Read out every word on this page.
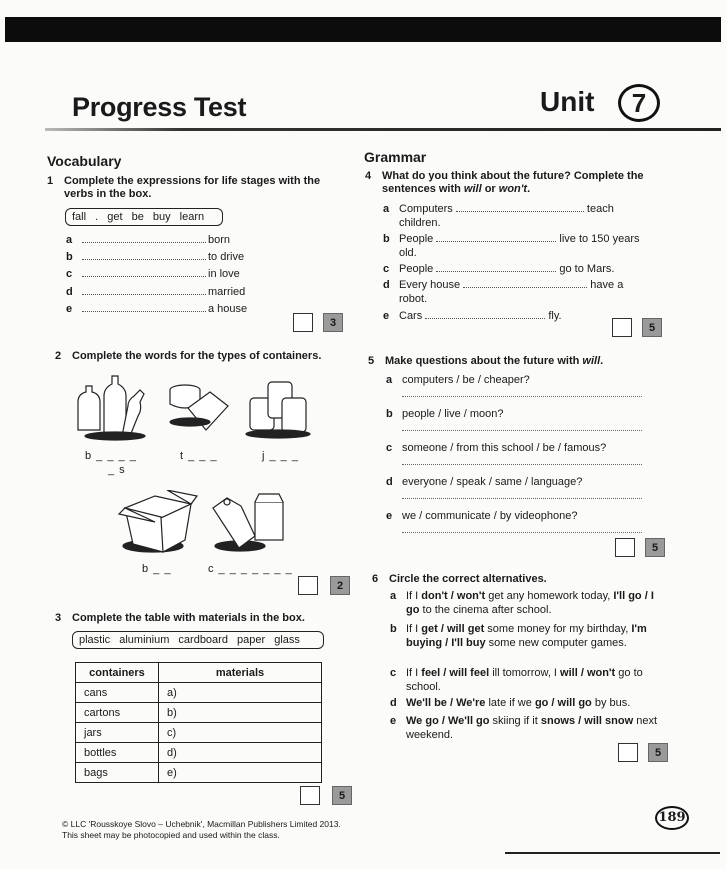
Progress Test	Unit	7
Vocabulary
1 Complete the expressions for life stages with the verbs in the box.
fall . get be buy learn
a	born
b	to drive
c	in love
d	married
e	a house
3
2 Complete the words for the types of containers.
b _ _ _ _
_ s
t _ _ _	j _ _ _
b _ _	c _ _ _ _ _ _ _
2
3 Complete the table with materials in the box.
plastic aluminium cardboard paper glass
containers	materials
cans	a)
cartons	b)
jars	c)
bottles	d)
bags	e)
5
Grammar
4 What do you think about the future? Complete the sentences with will or won't.
a Computers	teach
children.
b People	live to 150 years
old.
c People	go to Mars.

d Every house	have a
robot.
e Cars	fly.

5
5 Make questions about the future with will.
a computers / be / cheaper?
b people / live / moon?
c someone / from this school / be / famous?
d everyone / speak / same / language?
e we / communicate / by videophone?
5
6 Circle the correct alternatives.
a If I don't / won't get any homework today, I'll go / I go to the cinema after school.
b If I get / will get some money for my birthday, I'm buying / I'll buy some new computer games.
c If I feel / will feel ill tomorrow, I will / won't go to school.
d We'll be / We're late if we go / will go by bus.
e We go / We'll go skiing if it snows / will snow next weekend.
5
© LLC 'Rousskoye Slovo – Uchebnik', Macmillan Publishers Limited 2013.
This sheet may be photocopied and used within the class.
189
